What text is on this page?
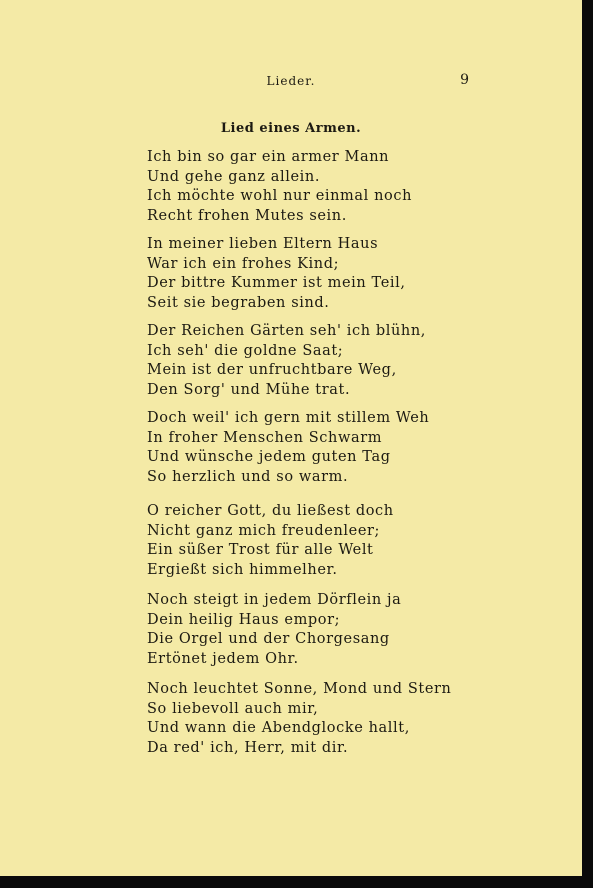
Lieder.	9
Lied eines Armen.
Ich bin so gar ein armer Mann
Und gehe ganz allein.
Ich möchte wohl nur einmal noch
Recht frohen Mutes sein.
In meiner lieben Eltern Haus
War ich ein frohes Kind;
Der bittre Kummer ist mein Teil,
Seit sie begraben sind.
Der Reichen Gärten seh' ich blühn,
Ich seh' die goldne Saat;
Mein ist der unfruchtbare Weg,
Den Sorg' und Mühe trat.
Doch weil' ich gern mit stillem Weh
In froher Menschen Schwarm
Und wünsche jedem guten Tag
So herzlich und so warm.
O reicher Gott, du ließest doch
Nicht ganz mich freudenleer;
Ein süßer Trost für alle Welt
Ergießt sich himmelher.
Noch steigt in jedem Dörflein ja
Dein heilig Haus empor;
Die Orgel und der Chorgesang
Ertönet jedem Ohr.
Noch leuchtet Sonne, Mond und Stern
So liebevoll auch mir,
Und wann die Abendglocke hallt,
Da red' ich, Herr, mit dir.
